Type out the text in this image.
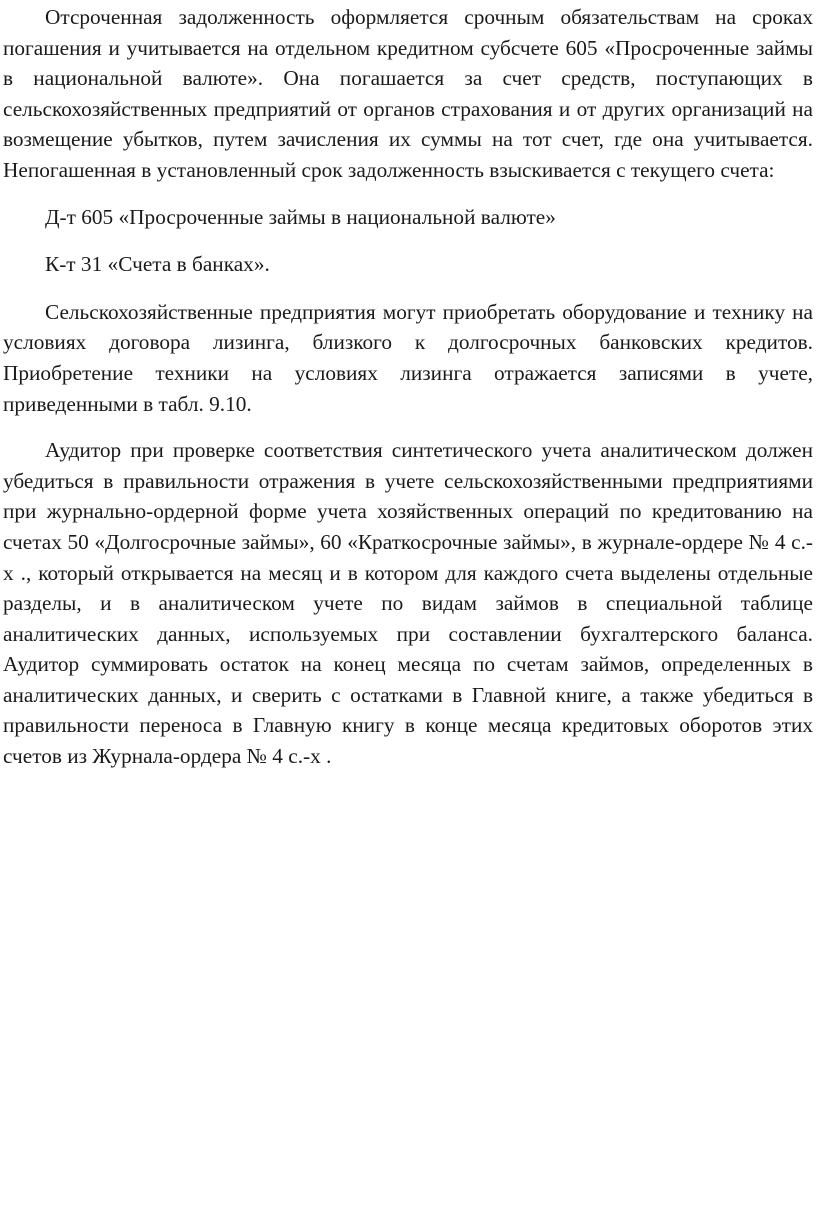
Отсроченная задолженность оформляется срочным обязательствам на сроках погашения и учитывается на отдельном кредитном субсчете 605 «Просроченные займы в национальной валюте». Она погашается за счет средств, поступающих в сельскохозяйственных предприятий от органов страхования и от других организаций на возмещение убытков, путем зачисления их суммы на тот счет, где она учитывается. Непогашенная в установленный срок задолженность взыскивается с текущего счета:

Д-т 605 «Просроченные займы в национальной валюте»

К-т 31 «Счета в банках».

Сельскохозяйственные предприятия могут приобретать оборудование и технику на условиях договора лизинга, близкого к долгосрочных банковских кредитов. Приобретение техники на условиях лизинга отражается записями в учете, приведенными в табл. 9.10.

Аудитор при проверке соответствия синтетического учета аналитическом должен убедиться в правильности отражения в учете сельскохозяйственными предприятиями при журнально-ордерной форме учета хозяйственных операций по кредитованию на счетах 50 «Долгосрочные займы», 60 «Краткосрочные займы», в журнале-ордере № 4 с.-х ., который открывается на месяц и в котором для каждого счета выделены отдельные разделы, и в аналитическом учете по видам займов в специальной таблице аналитических данных, используемых при составлении бухгалтерского баланса. Аудитор суммировать остаток на конец месяца по счетам займов, определенных в аналитических данных, и сверить с остатками в Главной книге, а также убедиться в правильности переноса в Главную книгу в конце месяца кредитовых оборотов этих счетов из Журнала-ордера № 4 с.-х .
